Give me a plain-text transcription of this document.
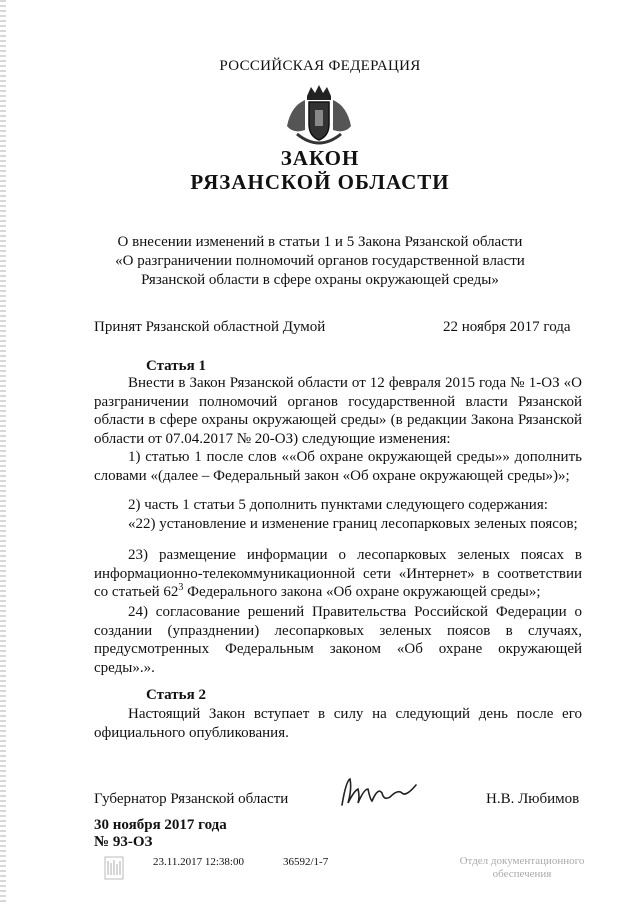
РОССИЙСКАЯ ФЕДЕРАЦИЯ
ЗАКОН
РЯЗАНСКОЙ ОБЛАСТИ
О внесении изменений в статьи 1 и 5 Закона Рязанской области
«О разграничении полномочий органов государственной власти
Рязанской области в сфере охраны окружающей среды»
Принят Рязанской областной Думой	22 ноября 2017 года
Статья 1
Внести в Закон Рязанской области от 12 февраля 2015 года № 1-ОЗ «О разграничении полномочий органов государственной власти Рязанской области в сфере охраны окружающей среды» (в редакции Закона Рязанской области от 07.04.2017 № 20-ОЗ) следующие изменения:
1) статью 1 после слов ««Об охране окружающей среды»» дополнить словами «(далее – Федеральный закон «Об охране окружающей среды»)»;
2) часть 1 статьи 5 дополнить пунктами следующего содержания:
«22) установление и изменение границ лесопарковых зеленых поясов;
23) размещение информации о лесопарковых зеленых поясах в информационно-телекоммуникационной сети «Интернет» в соответствии со статьей $62^3$ Федерального закона «Об охране окружающей среды»;
24) согласование решений Правительства Российской Федерации о создании (упразднении) лесопарковых зеленых поясов в случаях, предусмотренных Федеральным законом «Об охране окружающей среды».».
Статья 2
Настоящий Закон вступает в силу на следующий день после его официального опубликования.
Губернатор Рязанской области	Н.В. Любимов
30 ноября 2017 года
№ 93-ОЗ
23.11.2017 12:38:00	36592/1-7	Отдел документационного
обеспечения
